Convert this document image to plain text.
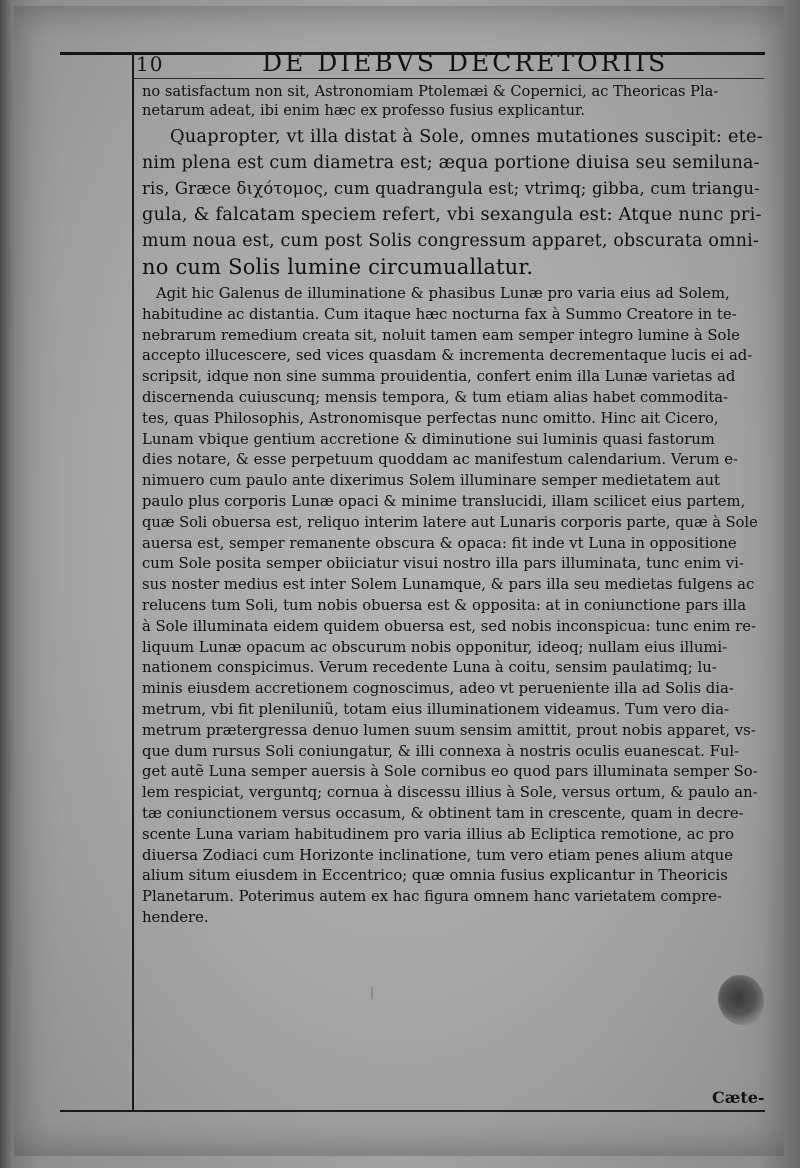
10	DE DIEBVS DECRETORIIS
no satisfactum non sit, Astronomiam Ptolemæi & Copernici, ac Theoricas Pla-
netarum adeat, ibi enim hæc ex professo fusius explicantur.
Quapropter, vt illa distat à Sole, omnes mutationes suscipit: ete-
nim plena est cum diametra est; æqua portione diuisa seu semiluna-
ris, Græce διχότομος, cum quadrangula est; vtrimq; gibba, cum triangu-
gula, & falcatam speciem refert, vbi sexangula est: Atque nunc pri-
mum noua est, cum post Solis congressum apparet, obscurata omni-
no cum Solis lumine circumuallatur.
Agit hic Galenus de illuminatione & phasibus Lunæ pro varia eius ad Solem,
habitudine ac distantia. Cum itaque hæc nocturna fax à Summo Creatore in te-
nebrarum remedium creata sit, noluit tamen eam semper integro lumine à Sole
accepto illucescere, sed vices quasdam & incrementa decrementaque lucis ei ad-
scripsit, idque non sine summa prouidentia, confert enim illa Lunæ varietas ad
discernenda cuiuscunq; mensis tempora, & tum etiam alias habet commodita-
tes, quas Philosophis, Astronomisque perfectas nunc omitto. Hinc ait Cicero,
Lunam vbique gentium accretione & diminutione sui luminis quasi fastorum
dies notare, & esse perpetuum quoddam ac manifestum calendarium. Verum e-
nimuero cum paulo ante dixerimus Solem illuminare semper medietatem aut
paulo plus corporis Lunæ opaci & minime translucidi, illam scilicet eius partem,
quæ Soli obuersa est, reliquo interim latere aut Lunaris corporis parte, quæ à Sole
auersa est, semper remanente obscura & opaca: fit inde vt Luna in oppositione
cum Sole posita semper obiiciatur visui nostro illa pars illuminata, tunc enim vi-
sus noster medius est inter Solem Lunamque, & pars illa seu medietas fulgens ac
relucens tum Soli, tum nobis obuersa est & opposita: at in coniunctione pars illa
à Sole illuminata eidem quidem obuersa est, sed nobis inconspicua: tunc enim re-
liquum Lunæ opacum ac obscurum nobis opponitur, ideoq; nullam eius illumi-
nationem conspicimus. Verum recedente Luna à coitu, sensim paulatimq; lu-
minis eiusdem accretionem cognoscimus, adeo vt perueniente illa ad Solis dia-
metrum, vbi fit pleniluniũ, totam eius illuminationem videamus. Tum vero dia-
metrum prætergressa denuo lumen suum sensim amittit, prout nobis apparet, vs-
que dum rursus Soli coniungatur, & illi connexa à nostris oculis euanescat. Ful-
get autẽ Luna semper auersis à Sole cornibus eo quod pars illuminata semper So-
lem respiciat, verguntq; cornua à discessu illius à Sole, versus ortum, & paulo an-
tæ coniunctionem versus occasum, & obtinent tam in crescente, quam in decre-
scente Luna variam habitudinem pro varia illius ab Ecliptica remotione, ac pro
diuersa Zodiaci cum Horizonte inclinatione, tum vero etiam penes alium atque
alium situm eiusdem in Eccentrico; quæ omnia fusius explicantur in Theoricis
Planetarum. Poterimus autem ex hac figura omnem hanc varietatem compre-
hendere.
|
Cæte-
